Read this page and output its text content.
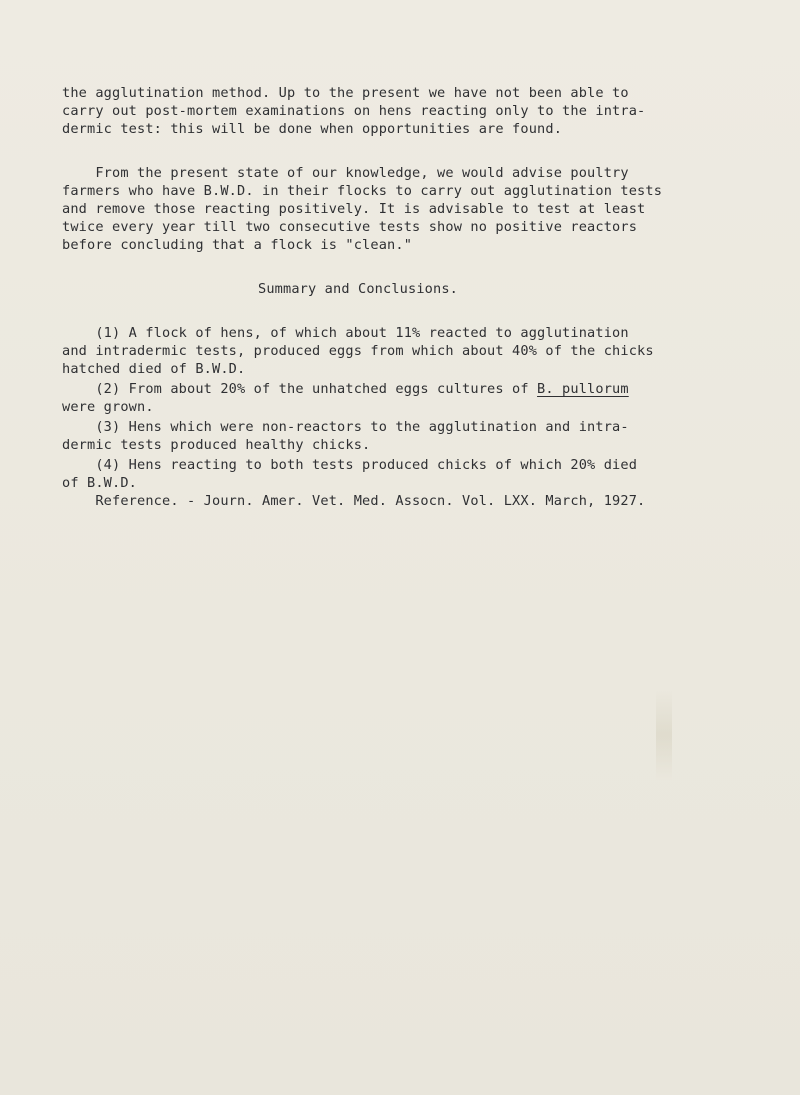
the agglutination method. Up to the present we have not been able to
carry out post-mortem examinations on hens reacting only to the intra-
dermic test: this will be done when opportunities are found.
From the present state of our knowledge, we would advise poultry
farmers who have B.W.D. in their flocks to carry out agglutination tests
and remove those reacting positively. It is advisable to test at least
twice every year till two consecutive tests show no positive reactors
before concluding that a flock is "clean."
Summary and Conclusions.
(1) A flock of hens, of which about 11% reacted to agglutination
and intradermic tests, produced eggs from which about 40% of the chicks
hatched died of B.W.D.
(2) From about 20% of the unhatched eggs cultures of B. pullorum
were grown.
(3) Hens which were non-reactors to the agglutination and intra-
dermic tests produced healthy chicks.
(4) Hens reacting to both tests produced chicks of which 20% died
of B.W.D.
Reference. - Journ. Amer. Vet. Med. Assocn. Vol. LXX. March, 1927.
